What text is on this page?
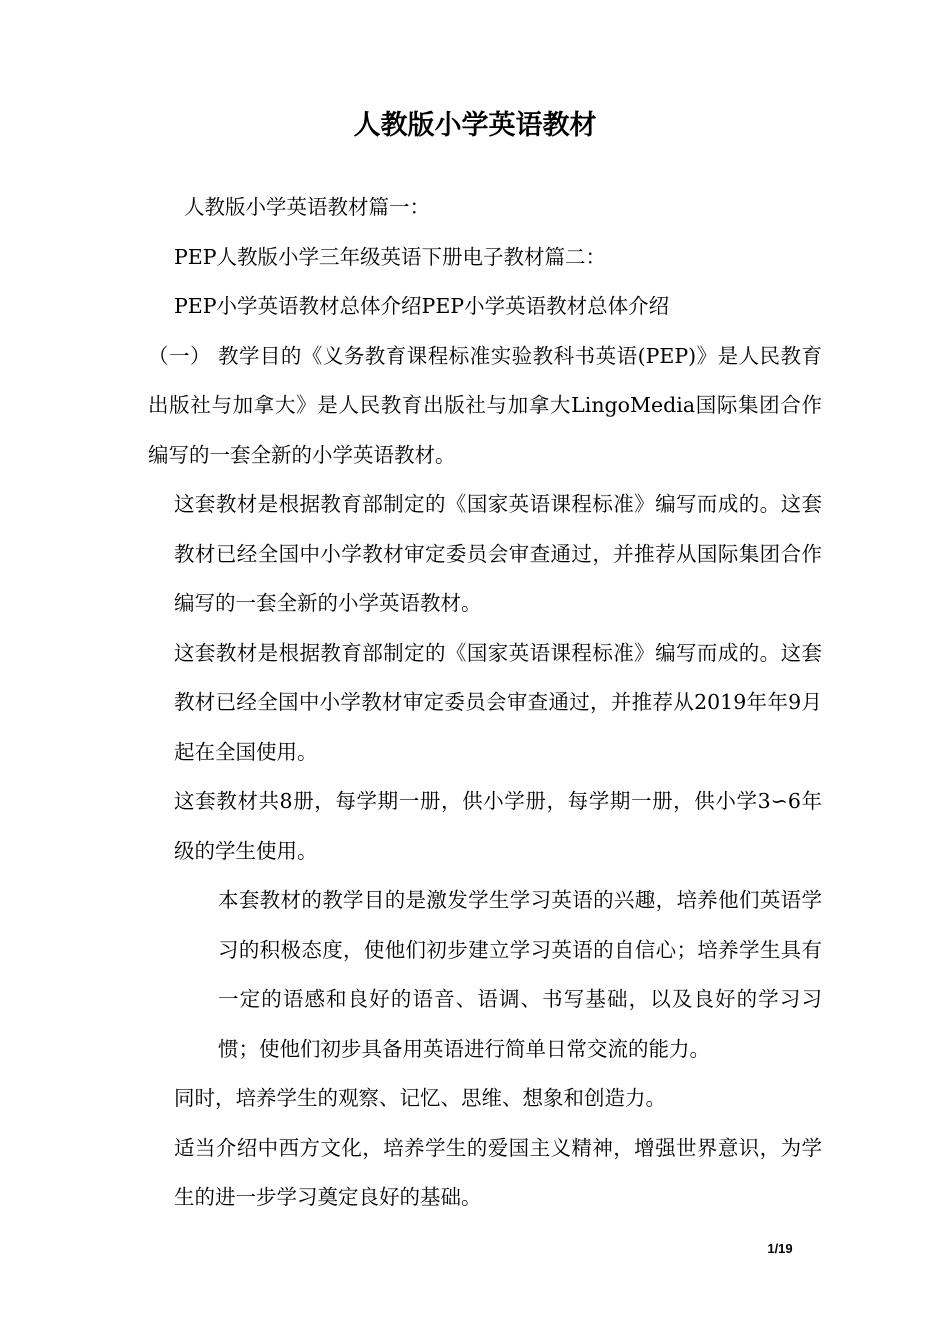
人教版小学英语教材

人教版小学英语教材篇一：

PEP人教版小学三年级英语下册电子教材篇二：

PEP小学英语教材总体介绍PEP小学英语教材总体介绍

（一） 教学目的《义务教育课程标准实验教科书英语(PEP)》是人民教育出版社与加拿大》是人民教育出版社与加拿大LingoMedia国际集团合作编写的一套全新的小学英语教材。

这套教材是根据教育部制定的《国家英语课程标准》编写而成的。这套教材已经全国中小学教材审定委员会审查通过，并推荐从国际集团合作编写的一套全新的小学英语教材。

这套教材是根据教育部制定的《国家英语课程标准》编写而成的。这套教材已经全国中小学教材审定委员会审查通过，并推荐从2019年年9月起在全国使用。

这套教材共8册，每学期一册，供小学册，每学期一册，供小学3∽6年级的学生使用。

本套教材的教学目的是激发学生学习英语的兴趣，培养他们英语学习的积极态度，使他们初步建立学习英语的自信心；培养学生具有一定的语感和良好的语音、语调、书写基础，以及良好的学习习惯；使他们初步具备用英语进行简单日常交流的能力。

同时，培养学生的观察、记忆、思维、想象和创造力。

适当介绍中西方文化，培养学生的爱国主义精神，增强世界意识，为学生的进一步学习奠定良好的基础。

1/19
